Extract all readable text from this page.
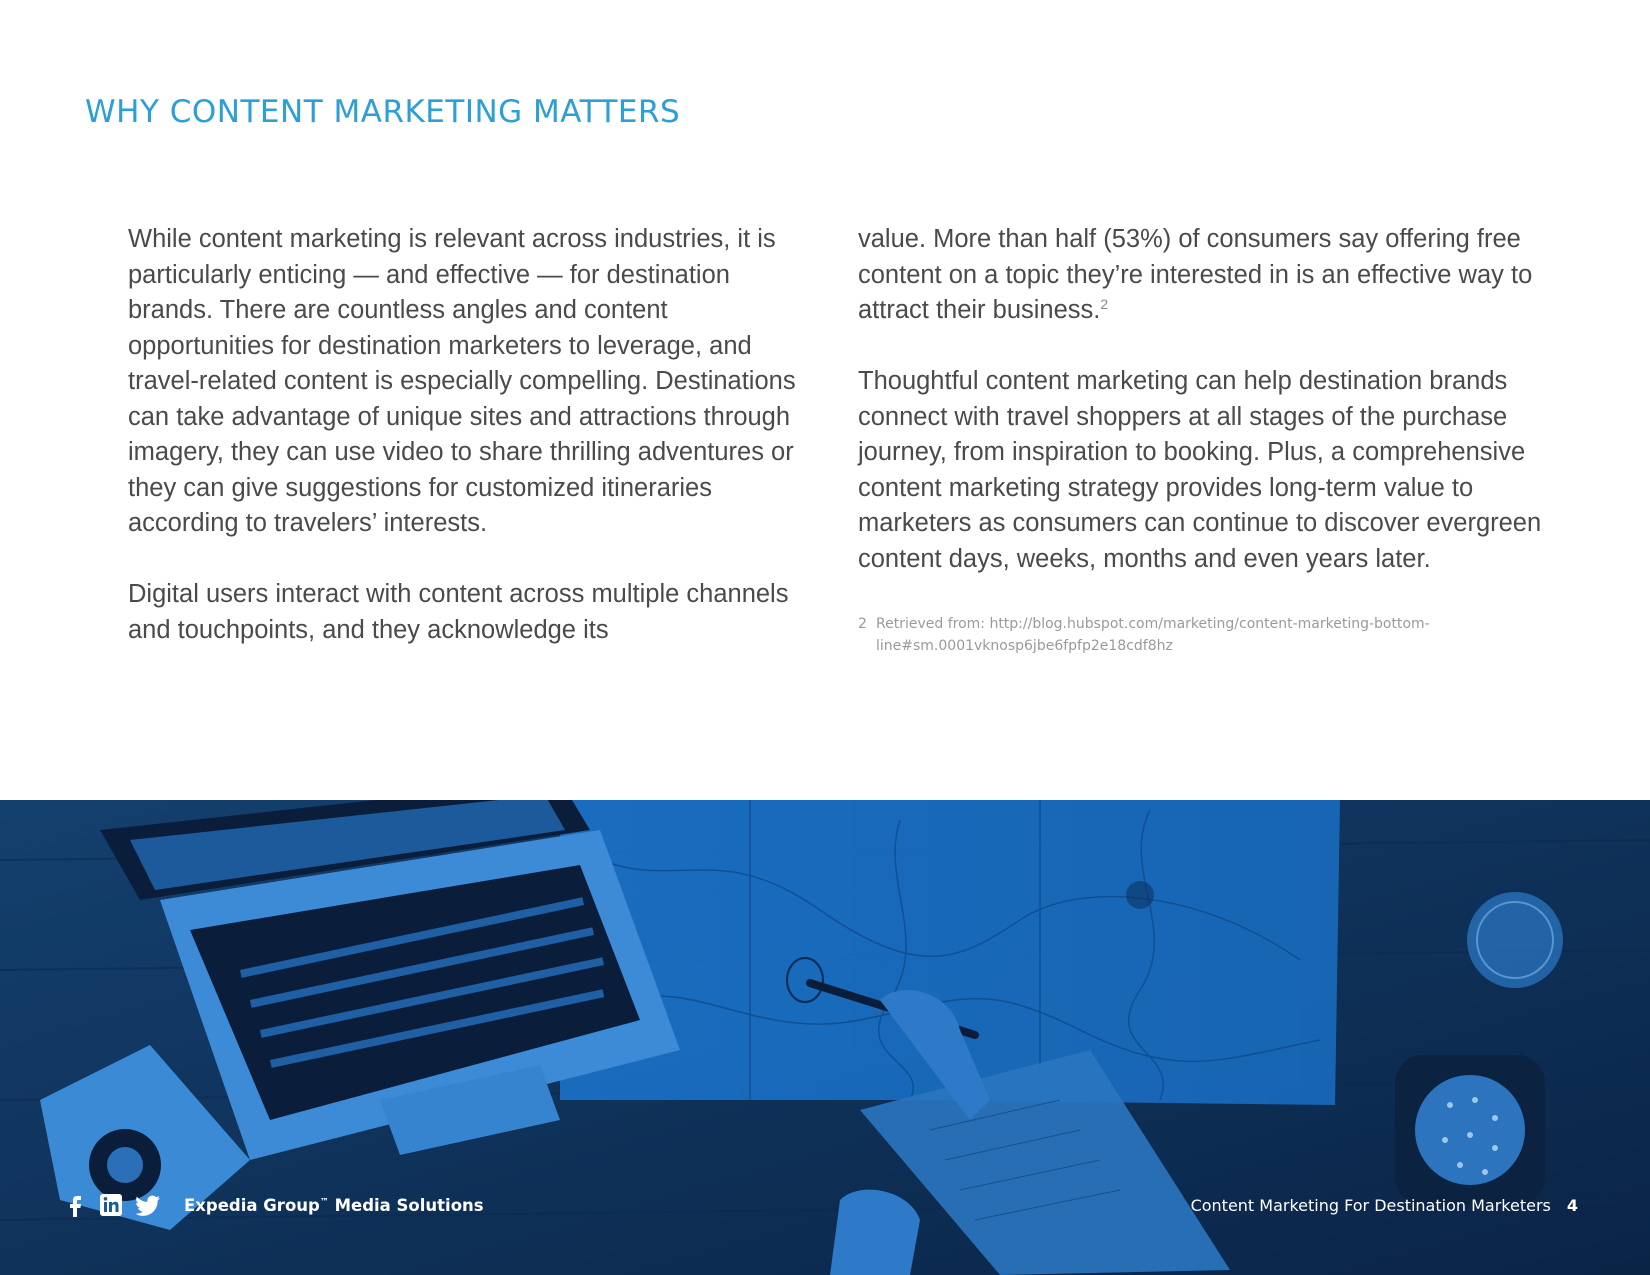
WHY CONTENT MARKETING MATTERS

While content marketing is relevant across industries, it is particularly enticing — and effective — for destination brands. There are countless angles and content opportunities for destination marketers to leverage, and travel-related content is especially compelling. Destinations can take advantage of unique sites and attractions through imagery, they can use video to share thrilling adventures or they can give suggestions for customized itineraries according to travelers’ interests.

Digital users interact with content across multiple channels and touchpoints, and they acknowledge its

value. More than half (53%) of consumers say offering free content on a topic they’re interested in is an effective way to attract their business.$^2$

Thoughtful content marketing can help destination brands connect with travel shoppers at all stages of the purchase journey, from inspiration to booking. Plus, a comprehensive content marketing strategy provides long-term value to marketers as consumers can continue to discover evergreen content days, weeks, months and even years later.

2 Retrieved from: http://blog.hubspot.com/marketing/content-marketing-bottom-line#sm.0001vknosp6jbe6fpfp2e18cdf8hz
Expedia Group™ Media Solutions	Content Marketing For Destination Marketers 4
